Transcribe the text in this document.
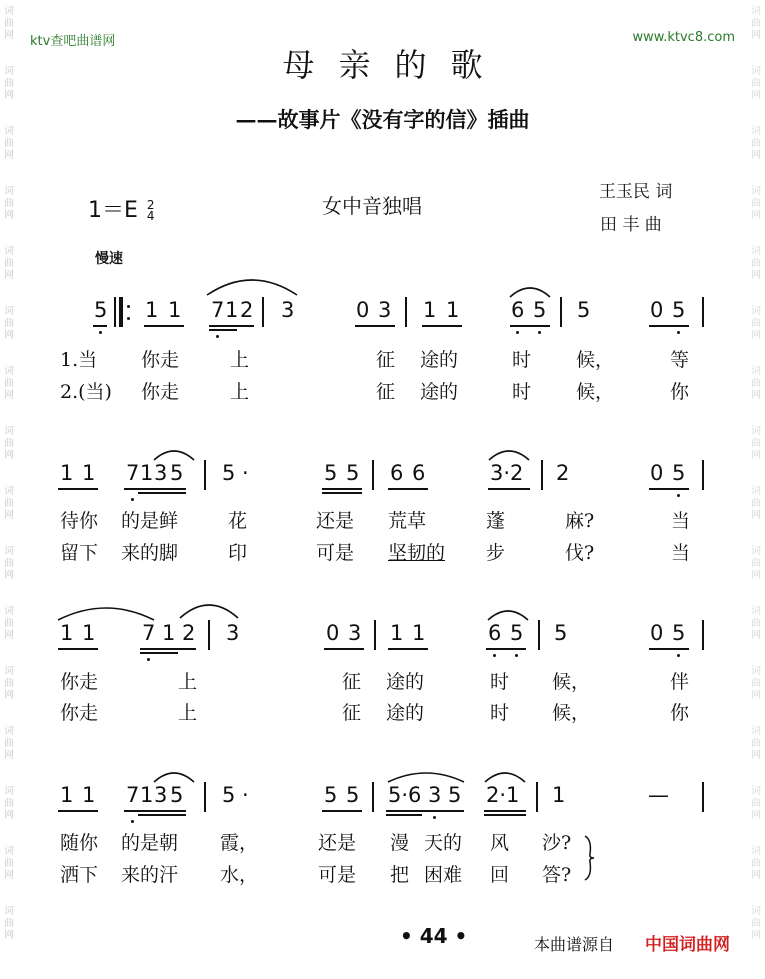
ktv查吧曲谱网	www.ktvc8.com
词曲网
词曲网
词曲网
词曲网
词曲网
词曲网
词曲网
词曲网
词曲网
词曲网
词曲网
词曲网
词曲网
词曲网
词曲网
词曲网
词曲网
词曲网
词曲网
词曲网
词曲网
词曲网
词曲网
词曲网
词曲网
词曲网
词曲网
词曲网
词曲网
词曲网
词曲网
词曲网
母亲的歌
——故事片《没有字的信》插曲
1＝E 2
4	女中音独唱
王玉民 词
田 丰 曲
慢速
5 1 1 7 1 2 3	0 3 1 1 6 5 5	0 5
1.当 你走	上	征 途的	时 候，	等
2.(当) 你走	上	征 途的	时 候，	你
1 1 7 1 3 5 5 ·	5 5 6 6	3·2 2	0 5
待你 的是鲜	花	还是 荒草	蓬	麻?	当
留下 来的脚	印	可是 坚韧的 步	伐?	当
1 1 7 1 2 3	0 3 1 1	6 5 5	0 5
你走	上	征 途的	时 候，	伴
你走	上	征 途的	时 候，	你
1 1 7 1 3 5 5 ·	5 5 5·6 3 5 2·1 1	—
随你 的是朝 霞，	还是 漫 天的 风 沙?
洒下 来的汗 水，	可是 把 困难 回 答?
• 44 •	本曲谱源自 中国词曲网
